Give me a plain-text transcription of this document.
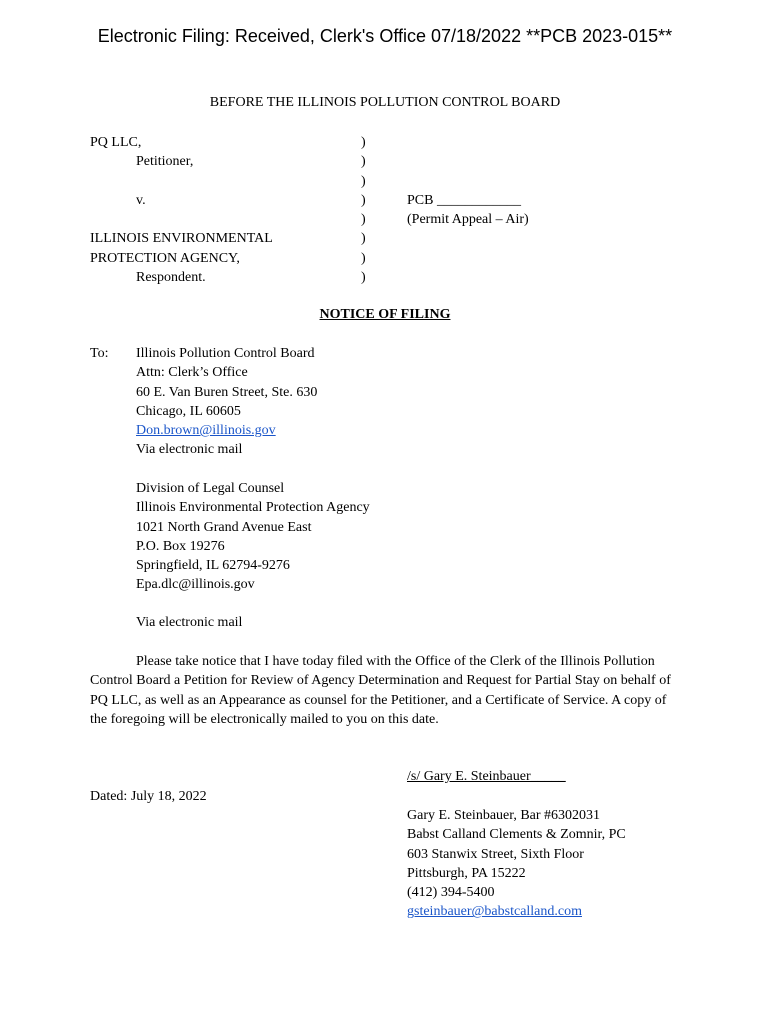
Electronic Filing: Received, Clerk's Office 07/18/2022 **PCB 2023-015**
BEFORE THE ILLINOIS POLLUTION CONTROL BOARD
PQ LLC,
Petitioner,

v.

ILLINOIS ENVIRONMENTAL
PROTECTION AGENCY,
Respondent.
)
)
)
)
)
)
)
)
PCB ____________
(Permit Appeal – Air)
NOTICE OF FILING
To: Illinois Pollution Control Board
Attn: Clerk’s Office
60 E. Van Buren Street, Ste. 630
Chicago, IL 60605
Don.brown@illinois.gov
Via electronic mail
Division of Legal Counsel
Illinois Environmental Protection Agency
1021 North Grand Avenue East
P.O. Box 19276
Springfield, IL 62794-9276
Epa.dlc@illinois.gov
Via electronic mail
Please take notice that I have today filed with the Office of the Clerk of the Illinois Pollution Control Board a Petition for Review of Agency Determination and Request for Partial Stay on behalf of PQ LLC, as well as an Appearance as counsel for the Petitioner, and a Certificate of Service. A copy of the foregoing will be electronically mailed to you on this date.
/s/ Gary E. Steinbauer_____
Dated: July 18, 2022
Gary E. Steinbauer, Bar #6302031
Babst Calland Clements & Zomnir, PC
603 Stanwix Street, Sixth Floor
Pittsburgh, PA 15222
(412) 394-5400
gsteinbauer@babstcalland.com
